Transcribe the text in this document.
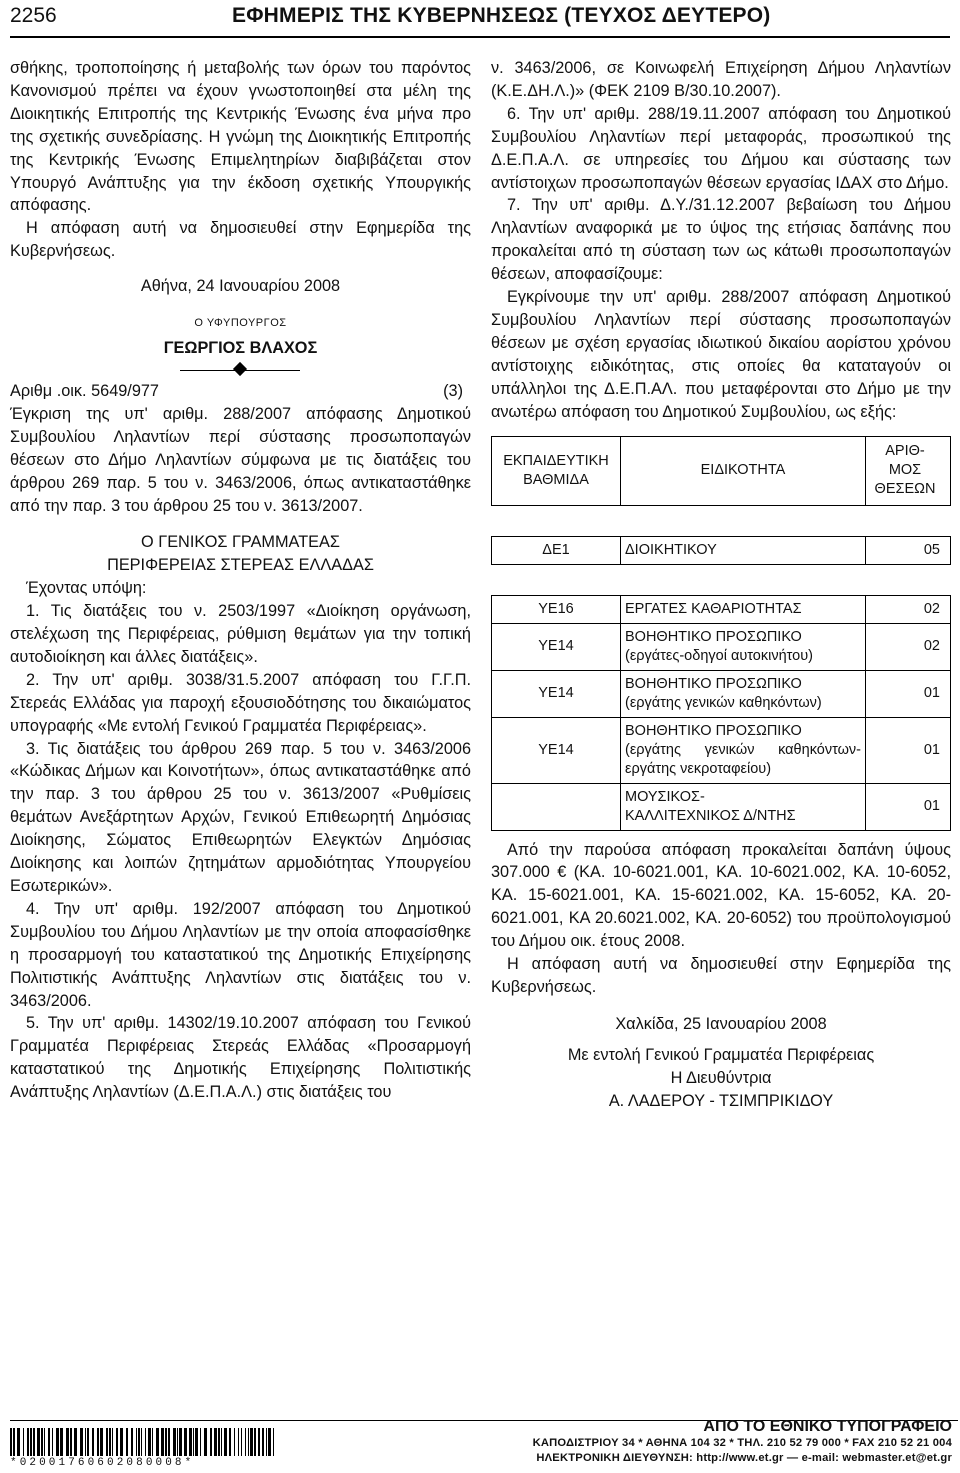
2256	ΕΦΗΜΕΡΙΣ ΤΗΣ ΚΥΒΕΡΝΗΣΕΩΣ (ΤΕΥΧΟΣ ΔΕΥΤΕΡΟ)

σθήκης, τροποποίησης ή μεταβολής των όρων του παρόντος Κανονισμού πρέπει να έχουν γνωστοποιηθεί στα μέλη της Διοικητικής Επιτροπής της Κεντρικής Ένωσης ένα μήνα προ της σχετικής συνεδρίασης. Η γνώμη της Διοικητικής Επιτροπής της Κεντρικής Ένωσης Επιμελητηρίων διαβιβάζεται στον Υπουργό Ανάπτυξης για την έκδοση σχετικής Υπουργικής απόφασης.

Η απόφαση αυτή να δημοσιευθεί στην Εφημερίδα της Κυβερνήσεως.

Αθήνα, 24 Ιανουαρίου 2008

Ο ΥΦΥΠΟΥΡΓΟΣ

ΓΕΩΡΓΙΟΣ ΒΛΑΧΟΣ

Αριθμ .οικ. 5649/977	(3)

Έγκριση της υπ' αριθμ. 288/2007 απόφασης Δημοτικού Συμβουλίου Ληλαντίων περί σύστασης προσωποπαγών θέσεων στο Δήμο Ληλαντίων σύμφωνα με τις διατάξεις του άρθρου 269 παρ. 5 του ν. 3463/2006, όπως αντικαταστάθηκε από την παρ. 3 του άρθρου 25 του ν. 3613/2007.

Ο ΓΕΝΙΚΟΣ ΓΡΑΜΜΑΤΕΑΣ

ΠΕΡΙΦΕΡΕΙΑΣ ΣΤΕΡΕΑΣ ΕΛΛΑΔΑΣ

Έχοντας υπόψη:

1. Τις διατάξεις του ν. 2503/1997 «Διοίκηση οργάνωση, στελέχωση της Περιφέρειας, ρύθμιση θεμάτων για την τοπική αυτοδιοίκηση και άλλες διατάξεις».

2. Την υπ' αριθμ. 3038/31.5.2007 απόφαση του Γ.Γ.Π. Στερεάς Ελλάδας για παροχή εξουσιοδότησης του δικαιώματος υπογραφής «Με εντολή Γενικού Γραμματέα Περιφέρειας».

3. Τις διατάξεις του άρθρου 269 παρ. 5 του ν. 3463/2006 «Κώδικας Δήμων και Κοινοτήτων», όπως αντικαταστάθηκε από την παρ. 3 του άρθρου 25 του ν. 3613/2007 «Ρυθμίσεις θεμάτων Ανεξάρτητων Αρχών, Γενικού Επιθεωρητή Δημόσιας Διοίκησης, Σώματος Επιθεωρητών Ελεγκτών Δημόσιας Διοίκησης και λοιπών ζητημάτων αρμοδιότητας Υπουργείου Εσωτερικών».

4. Την υπ' αριθμ. 192/2007 απόφαση του Δημοτικού Συμβουλίου του Δήμου Ληλαντίων με την οποία αποφασίσθηκε η προσαρμογή του καταστατικού της Δημοτικής Επιχείρησης Πολιτιστικής Ανάπτυξης Ληλαντίων στις διατάξεις του ν. 3463/2006.

5. Την υπ' αριθμ. 14302/19.10.2007 απόφαση του Γενικού Γραμματέα Περιφέρειας Στερεάς Ελλάδας «Προσαρμογή καταστατικού της Δημοτικής Επιχείρησης Πολιτιστικής Ανάπτυξης Ληλαντίων (Δ.Ε.Π.Α.Λ.) στις διατάξεις του

ν. 3463/2006, σε Κοινωφελή Επιχείρηση Δήμου Ληλαντίων (Κ.Ε.ΔΗ.Λ.)» (ΦΕΚ 2109 Β/30.10.2007).

6. Την υπ' αριθμ. 288/19.11.2007 απόφαση του Δημοτικού Συμβουλίου Ληλαντίων περί μεταφοράς, προσωπικού της Δ.Ε.Π.Α.Λ. σε υπηρεσίες του Δήμου και σύστασης των αντίστοιχων προσωποπαγών θέσεων εργασίας ΙΔΑΧ στο Δήμο.

7. Την υπ' αριθμ. Δ.Υ./31.12.2007 βεβαίωση του Δήμου Ληλαντίων αναφορικά με το ύψος της ετήσιας δαπάνης που προκαλείται από τη σύσταση των ως κάτωθι προσωποπαγών θέσεων, αποφασίζουμε:

Εγκρίνουμε την υπ' αριθμ. 288/2007 απόφαση Δημοτικού Συμβουλίου Ληλαντίων περί σύστασης προσωποπαγών θέσεων με σχέση εργασίας ιδιωτικού δικαίου αορίστου χρόνου αντίστοιχης ειδικότητας, στις οποίες θα καταταγούν οι υπάλληλοι της Δ.Ε.Π.ΑΛ. που μεταφέρονται στο Δήμο με την ανωτέρω απόφαση του Δημοτικού Συμβουλίου, ως εξής:

ΕΚΠΑΙΔΕΥΤΙΚΗ ΒΑΘΜΙΔΑ	ΕΙΔΙΚΟΤΗΤΑ	ΑΡΙΘ- ΜΟΣ ΘΕΣΕΩΝ

ΔΕ1	ΔΙΟΙΚΗΤΙΚΟΥ	05

ΥΕ16	ΕΡΓΑΤΕΣ ΚΑΘΑΡΙΟΤΗΤΑΣ	02
ΥΕ14	ΒΟΗΘΗΤΙΚΟ ΠΡΟΣΩΠΙΚΟ
(εργάτες-οδηγοί αυτοκινήτου)	02
ΥΕ14	ΒΟΗΘΗΤΙΚΟ ΠΡΟΣΩΠΙΚΟ
(εργάτης γενικών καθηκόντων)	01
ΥΕ14	ΒΟΗΘΗΤΙΚΟ ΠΡΟΣΩΠΙΚΟ
(εργάτης γενικών καθηκόντων- εργάτης νεκροταφείου)	01

	ΜΟΥΣΙΚΟΣ-
ΚΑΛΛΙΤΕΧΝΙΚΟΣ Δ/ΝΤΗΣ	01

Από την παρούσα απόφαση προκαλείται δαπάνη ύψους 307.000 € (ΚΑ. 10-6021.001, ΚΑ. 10-6021.002, ΚΑ. 10-6052, ΚΑ. 15-6021.001, ΚΑ. 15-6021.002, ΚΑ. 15-6052, ΚΑ. 20-6021.001, ΚΑ 20.6021.002, ΚΑ. 20-6052) του προϋπολογισμού του Δήμου οικ. έτους 2008.

Η απόφαση αυτή να δημοσιευθεί στην Εφημερίδα της Κυβερνήσεως.

Χαλκίδα, 25 Ιανουαρίου 2008

Με εντολή Γενικού Γραμματέα Περιφέρειας

Η Διευθύντρια

Α. ΛΑΔΕΡΟΥ - ΤΣΙΜΠΡΙΚΙΔΟΥ

*02001760602080008*
ΑΠΟ ΤΟ ΕΘΝΙΚΟ ΤΥΠΟΓΡΑΦΕΙΟ
ΚΑΠΟΔΙΣΤΡΙΟΥ 34 * ΑΘΗΝΑ 104 32 * ΤΗΛ. 210 52 79 000 * FAX 210 52 21 004
ΗΛΕΚΤΡΟΝΙΚΗ ΔΙΕΥΘΥΝΣΗ: http://www.et.gr — e-mail: webmaster.et@et.gr
